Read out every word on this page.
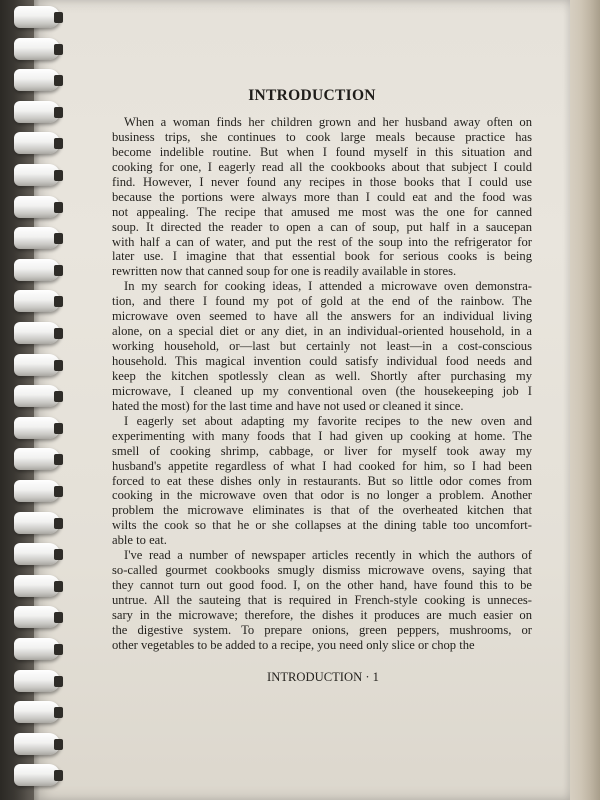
INTRODUCTION
When a woman finds her children grown and her husband away often on
business trips, she continues to cook large meals because practice has
become indelible routine. But when I found myself in this situation and
cooking for one, I eagerly read all the cookbooks about that subject I could
find. However, I never found any recipes in those books that I could use
because the portions were always more than I could eat and the food was
not appealing. The recipe that amused me most was the one for canned
soup. It directed the reader to open a can of soup, put half in a saucepan
with half a can of water, and put the rest of the soup into the refrigerator for
later use. I imagine that that essential book for serious cooks is being
rewritten now that canned soup for one is readily available in stores.
In my search for cooking ideas, I attended a microwave oven demonstra-
tion, and there I found my pot of gold at the end of the rainbow. The
microwave oven seemed to have all the answers for an individual living
alone, on a special diet or any diet, in an individual-oriented household, in a
working household, or—last but certainly not least—in a cost-conscious
household. This magical invention could satisfy individual food needs and
keep the kitchen spotlessly clean as well. Shortly after purchasing my
microwave, I cleaned up my conventional oven (the housekeeping job I
hated the most) for the last time and have not used or cleaned it since.
I eagerly set about adapting my favorite recipes to the new oven and
experimenting with many foods that I had given up cooking at home. The
smell of cooking shrimp, cabbage, or liver for myself took away my
husband's appetite regardless of what I had cooked for him, so I had been
forced to eat these dishes only in restaurants. But so little odor comes from
cooking in the microwave oven that odor is no longer a problem. Another
problem the microwave eliminates is that of the overheated kitchen that
wilts the cook so that he or she collapses at the dining table too uncomfort-
able to eat.
I've read a number of newspaper articles recently in which the authors of
so-called gourmet cookbooks smugly dismiss microwave ovens, saying that
they cannot turn out good food. I, on the other hand, have found this to be
untrue. All the sauteing that is required in French-style cooking is unneces-
sary in the microwave; therefore, the dishes it produces are much easier on
the digestive system. To prepare onions, green peppers, mushrooms, or
other vegetables to be added to a recipe, you need only slice or chop the
INTRODUCTION · 1
